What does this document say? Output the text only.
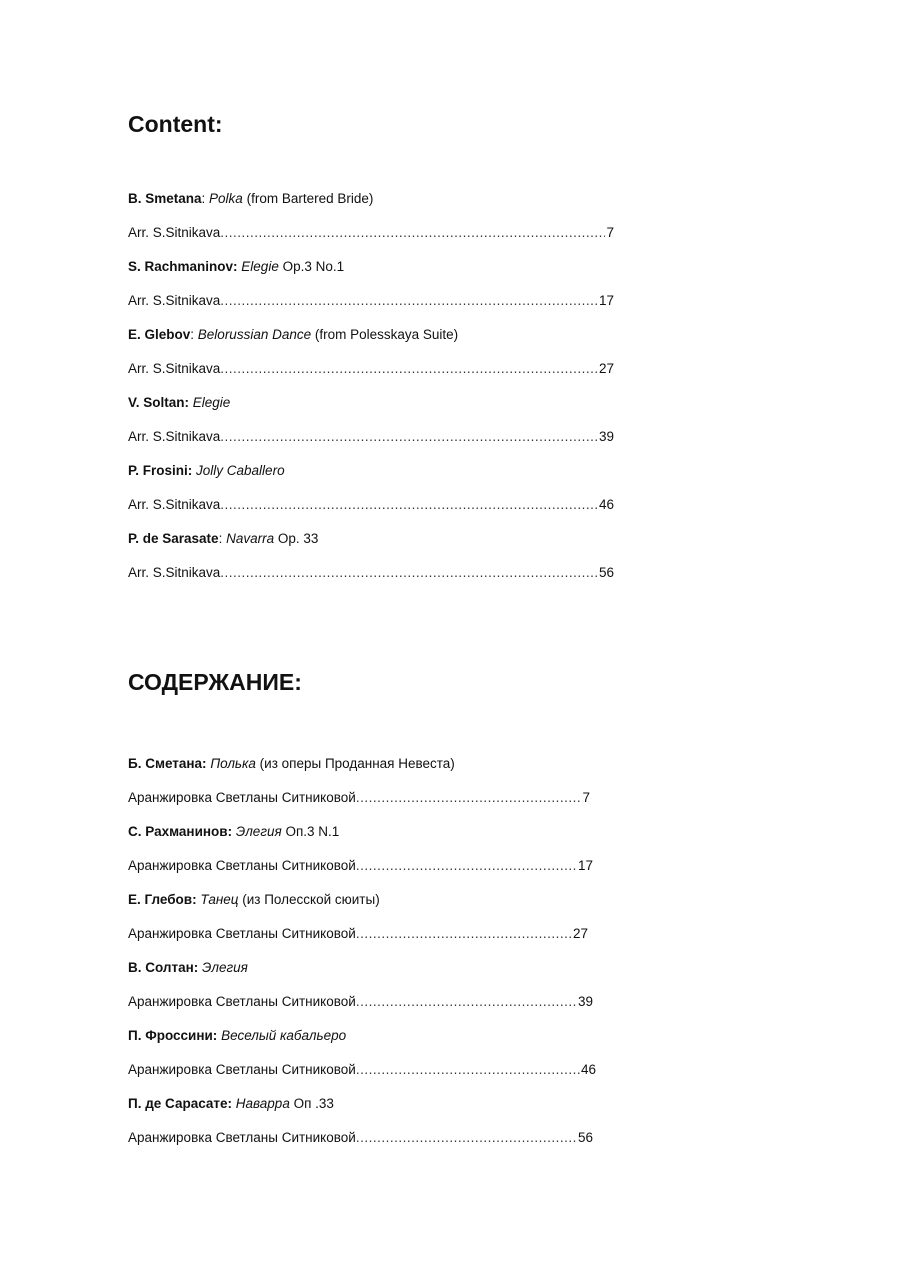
Content:
B. Smetana: Polka (from Bartered Bride)
Arr. S.Sitnikava .....	7
S. Rachmaninov: Elegie Op.3 No.1
Arr. S.Sitnikava .....	17
E. Glebov: Belorussian Dance (from Polesskaya Suite)
Arr. S.Sitnikava .....	27
V. Soltan: Elegie
Arr. S.Sitnikava .....	39
P. Frosini: Jolly Caballero
Arr. S.Sitnikava .....	46
P. de Sarasate: Navarra Op. 33
Arr. S.Sitnikava .....	56
СОДЕРЖАНИЕ:
Б. Сметана: Полька (из оперы Проданная Невеста)
Аранжировка Светланы Ситниковой .....	7
С. Рахманинов: Элегия Оп.3 N.1
Аранжировка Светланы Ситниковой .....	17
Е. Глебов: Танец (из Полесской сюиты)
Аранжировка Светланы Ситниковой .....	27
В. Солтан: Элегия
Аранжировка Светланы Ситниковой .....	39
П. Фроссини: Веселый кабальеро
Аранжировка Светланы Ситниковой .....	46
П. де Сарасате: Наварра Оп .33
Аранжировка Светланы Ситниковой .....	56
